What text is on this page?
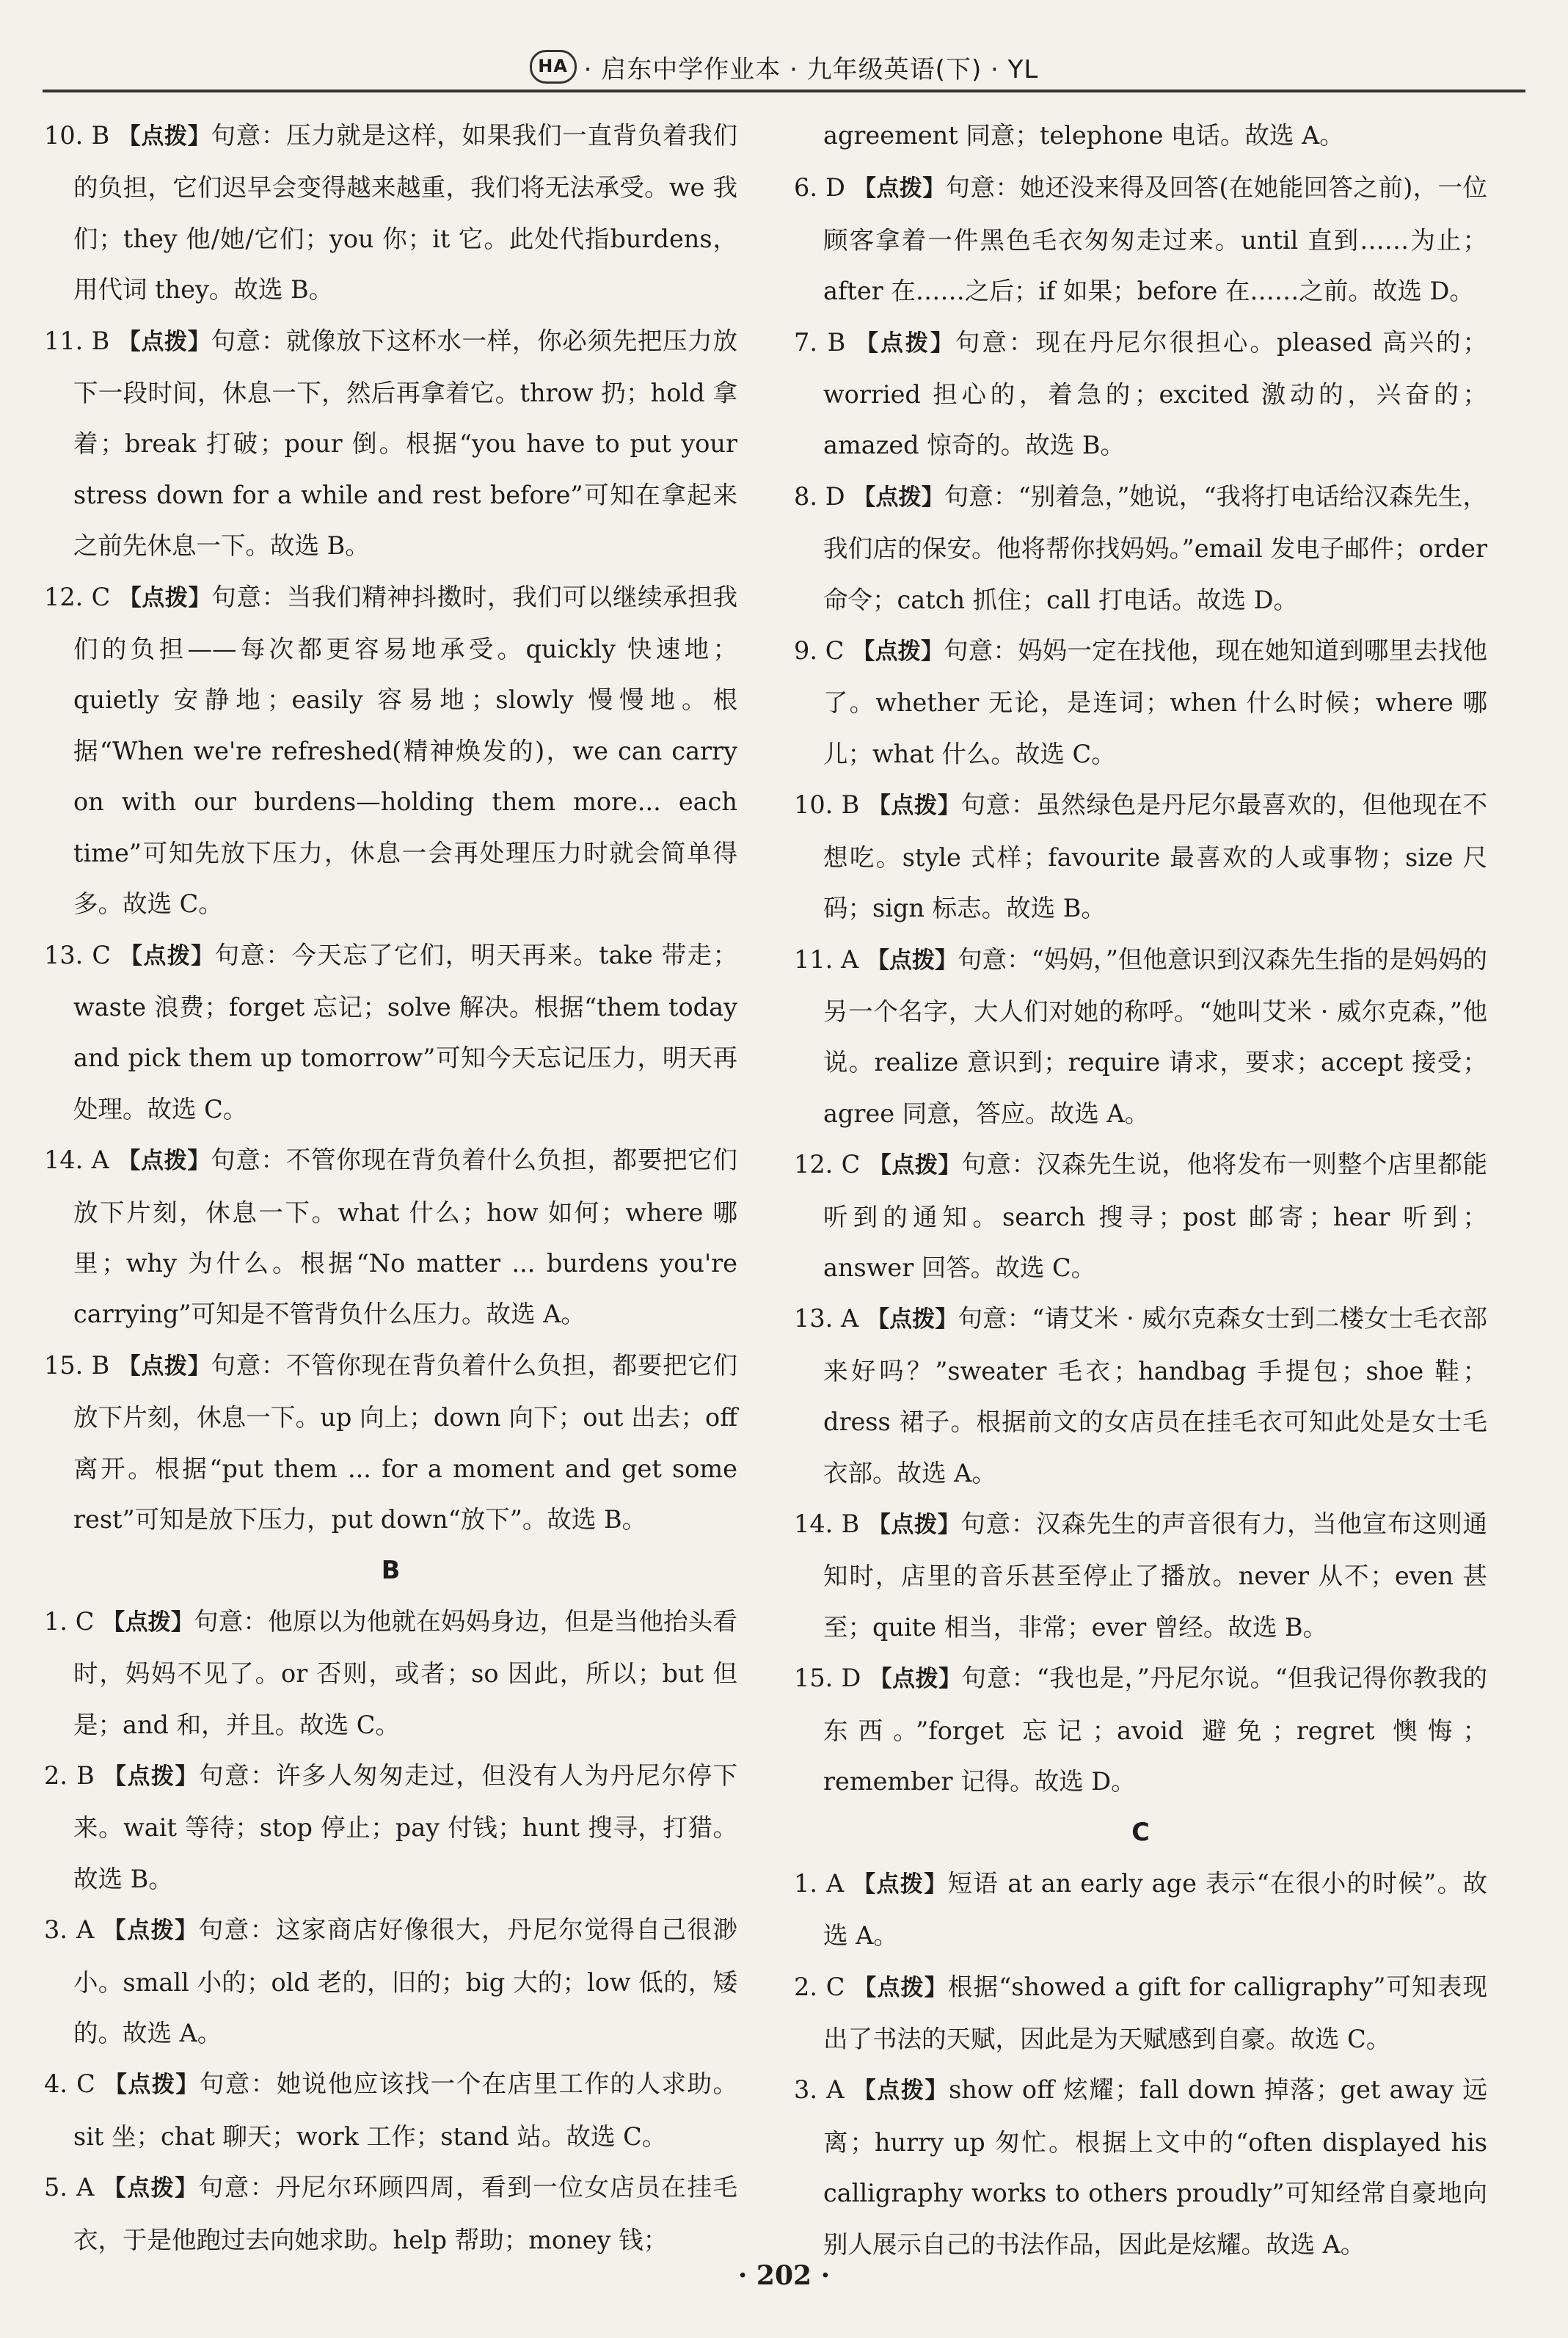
HA · 启东中学作业本 · 九年级英语(下) · YL
10. B 【点拨】句意：压力就是这样，如果我们一直背负着我们的负担，它们迟早会变得越来越重，我们将无法承受。we 我们；they 他/她/它们；you 你；it 它。此处代指burdens，用代词 they。故选 B。
11. B 【点拨】句意：就像放下这杯水一样，你必须先把压力放下一段时间，休息一下，然后再拿着它。throw 扔；hold 拿着；break 打破；pour 倒。根据“you have to put your stress down for a while and rest before”可知在拿起来之前先休息一下。故选 B。
12. C 【点拨】句意：当我们精神抖擞时，我们可以继续承担我们的负担——每次都更容易地承受。quickly 快速地；quietly 安静地；easily 容易地；slowly 慢慢地。根据“When we're refreshed(精神焕发的)，we can carry on with our burdens—holding them more... each time”可知先放下压力，休息一会再处理压力时就会简单得多。故选 C。
13. C 【点拨】句意：今天忘了它们，明天再来。take 带走；waste 浪费；forget 忘记；solve 解决。根据“them today and pick them up tomorrow”可知今天忘记压力，明天再处理。故选 C。
14. A 【点拨】句意：不管你现在背负着什么负担，都要把它们放下片刻，休息一下。what 什么；how 如何；where 哪里；why 为什么。根据“No matter ... burdens you're carrying”可知是不管背负什么压力。故选 A。
15. B 【点拨】句意：不管你现在背负着什么负担，都要把它们放下片刻，休息一下。up 向上；down 向下；out 出去；off 离开。根据“put them ... for a moment and get some rest”可知是放下压力，put down“放下”。故选 B。
B
1. C 【点拨】句意：他原以为他就在妈妈身边，但是当他抬头看时，妈妈不见了。or 否则，或者；so 因此，所以；but 但是；and 和，并且。故选 C。
2. B 【点拨】句意：许多人匆匆走过，但没有人为丹尼尔停下来。wait 等待；stop 停止；pay 付钱；hunt 搜寻，打猎。故选 B。
3. A 【点拨】句意：这家商店好像很大，丹尼尔觉得自己很渺小。small 小的；old 老的，旧的；big 大的；low 低的，矮的。故选 A。
4. C 【点拨】句意：她说他应该找一个在店里工作的人求助。sit 坐；chat 聊天；work 工作；stand 站。故选 C。
5. A 【点拨】句意：丹尼尔环顾四周，看到一位女店员在挂毛衣，于是他跑过去向她求助。help 帮助；money 钱；
agreement 同意；telephone 电话。故选 A。
6. D 【点拨】句意：她还没来得及回答(在她能回答之前)，一位顾客拿着一件黑色毛衣匆匆走过来。until 直到……为止；after 在……之后；if 如果；before 在……之前。故选 D。
7. B 【点拨】句意：现在丹尼尔很担心。pleased 高兴的；worried 担心的，着急的；excited 激动的，兴奋的；amazed 惊奇的。故选 B。
8. D 【点拨】句意：“别着急，”她说，“我将打电话给汉森先生，我们店的保安。他将帮你找妈妈。”email 发电子邮件；order 命令；catch 抓住；call 打电话。故选 D。
9. C 【点拨】句意：妈妈一定在找他，现在她知道到哪里去找他了。whether 无论，是连词；when 什么时候；where 哪儿；what 什么。故选 C。
10. B 【点拨】句意：虽然绿色是丹尼尔最喜欢的，但他现在不想吃。style 式样；favourite 最喜欢的人或事物；size 尺码；sign 标志。故选 B。
11. A 【点拨】句意：“妈妈，”但他意识到汉森先生指的是妈妈的另一个名字，大人们对她的称呼。“她叫艾米 · 威尔克森，”他说。realize 意识到；require 请求，要求；accept 接受；agree 同意，答应。故选 A。
12. C 【点拨】句意：汉森先生说，他将发布一则整个店里都能听到的通知。search 搜寻；post 邮寄；hear 听到；answer 回答。故选 C。
13. A 【点拨】句意：“请艾米 · 威尔克森女士到二楼女士毛衣部来好吗？”sweater 毛衣；handbag 手提包；shoe 鞋；dress 裙子。根据前文的女店员在挂毛衣可知此处是女士毛衣部。故选 A。
14. B 【点拨】句意：汉森先生的声音很有力，当他宣布这则通知时，店里的音乐甚至停止了播放。never 从不；even 甚至；quite 相当，非常；ever 曾经。故选 B。
15. D 【点拨】句意：“我也是，”丹尼尔说。“但我记得你教我的东西。”forget 忘记；avoid 避免；regret 懊悔；remember 记得。故选 D。
C
1. A 【点拨】短语 at an early age 表示“在很小的时候”。故选 A。
2. C 【点拨】根据“showed a gift for calligraphy”可知表现出了书法的天赋，因此是为天赋感到自豪。故选 C。
3. A 【点拨】show off 炫耀；fall down 掉落；get away 远离；hurry up 匆忙。根据上文中的“often displayed his calligraphy works to others proudly”可知经常自豪地向别人展示自己的书法作品，因此是炫耀。故选 A。
· 202 ·
